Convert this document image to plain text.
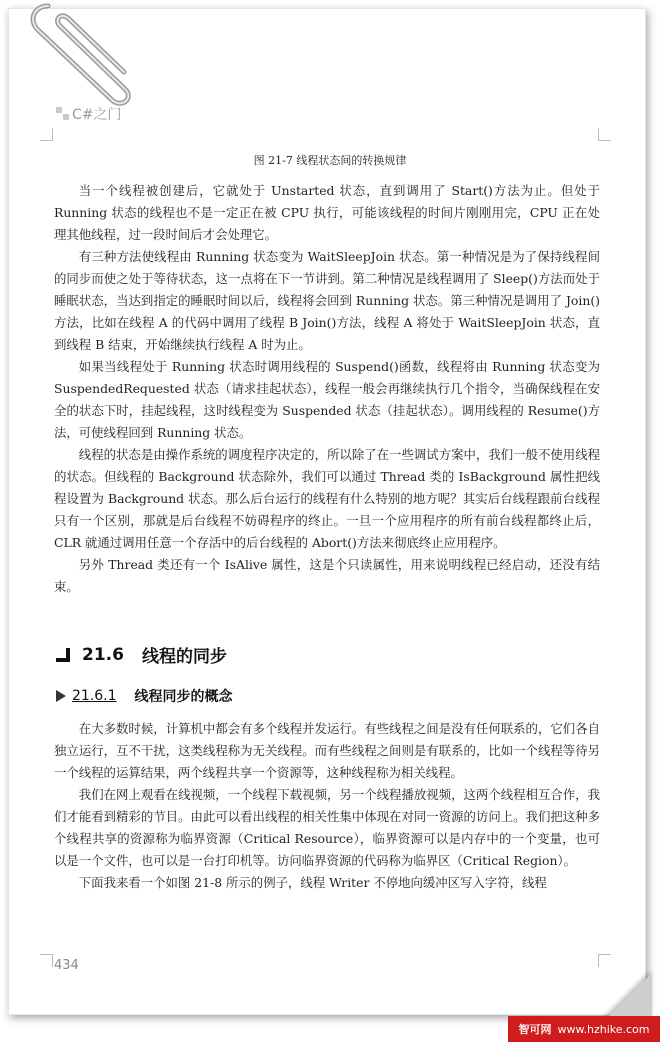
C#之门
图 21-7 线程状态间的转换规律

当一个线程被创建后，它就处于 Unstarted 状态，直到调用了 Start()方法为止。但处于 Running 状态的线程也不是一定正在被 CPU 执行，可能该线程的时间片刚刚用完，CPU 正在处理其他线程，过一段时间后才会处理它。

有三种方法使线程由 Running 状态变为 WaitSleepJoin 状态。第一种情况是为了保持线程间的同步而使之处于等待状态，这一点将在下一节讲到。第二种情况是线程调用了 Sleep()方法而处于睡眠状态，当达到指定的睡眠时间以后，线程将会回到 Running 状态。第三种情况是调用了 Join()方法，比如在线程 A 的代码中调用了线程 B Join()方法，线程 A 将处于 WaitSleepJoin 状态，直到线程 B 结束，开始继续执行线程 A 时为止。

如果当线程处于 Running 状态时调用线程的 Suspend()函数，线程将由 Running 状态变为 SuspendedRequested 状态（请求挂起状态），线程一般会再继续执行几个指令，当确保线程在安全的状态下时，挂起线程，这时线程变为 Suspended 状态（挂起状态）。调用线程的 Resume()方法，可使线程回到 Running 状态。

线程的状态是由操作系统的调度程序决定的，所以除了在一些调试方案中，我们一般不使用线程的状态。但线程的 Background 状态除外，我们可以通过 Thread 类的 IsBackground 属性把线程设置为 Background 状态。那么后台运行的线程有什么特别的地方呢？其实后台线程跟前台线程只有一个区别，那就是后台线程不妨碍程序的终止。一旦一个应用程序的所有前台线程都终止后，CLR 就通过调用任意一个存活中的后台线程的 Abort()方法来彻底终止应用程序。

另外 Thread 类还有一个 IsAlive 属性，这是个只读属性，用来说明线程已经启动，还没有结束。

21.6 线程的同步
21.6.1 线程同步的概念

在大多数时候，计算机中都会有多个线程并发运行。有些线程之间是没有任何联系的，它们各自独立运行，互不干扰，这类线程称为无关线程。而有些线程之间则是有联系的，比如一个线程等待另一个线程的运算结果，两个线程共享一个资源等，这种线程称为相关线程。

我们在网上观看在线视频，一个线程下载视频，另一个线程播放视频，这两个线程相互合作，我们才能看到精彩的节目。由此可以看出线程的相关性集中体现在对同一资源的访问上。我们把这种多个线程共享的资源称为临界资源（Critical Resource），临界资源可以是内存中的一个变量，也可以是一个文件，也可以是一台打印机等。访问临界资源的代码称为临界区（Critical Region）。

下面我来看一个如图 21-8 所示的例子，线程 Writer 不停地向缓冲区写入字符，线程

434
智可网 www.hzhike.com
